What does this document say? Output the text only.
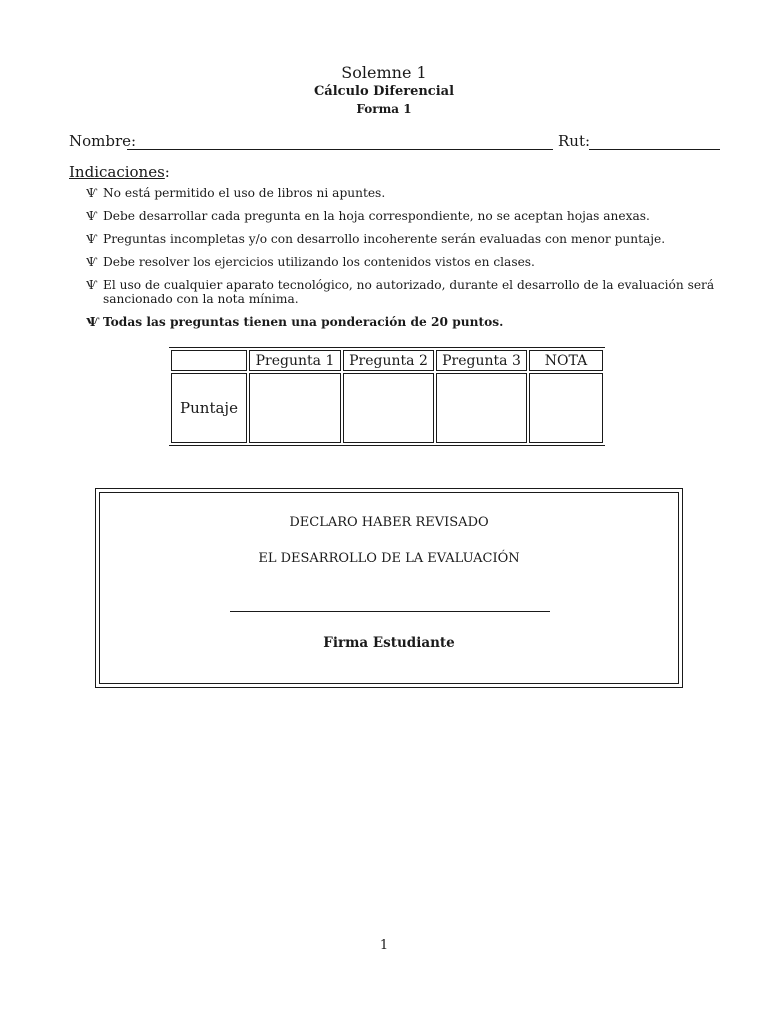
Solemne 1
Cálculo Diferencial
Forma 1
Nombre:	Rut:
Indicaciones:
Ѱ No está permitido el uso de libros ni apuntes.
Ѱ Debe desarrollar cada pregunta en la hoja correspondiente, no se aceptan hojas anexas.
Ѱ Preguntas incompletas y/o con desarrollo incoherente serán evaluadas con menor puntaje.
Ѱ Debe resolver los ejercicios utilizando los contenidos vistos en clases.
Ѱ El uso de cualquier aparato tecnológico, no autorizado, durante el desarrollo de la evaluación será sancionado con la nota mínima.
Ѱ Todas las preguntas tienen una ponderación de 20 puntos.
	Pregunta 1	Pregunta 2	Pregunta 3	NOTA
Puntaje				
DECLARO HABER REVISADO
EL DESARROLLO DE LA EVALUACIÓN
Firma Estudiante
1
